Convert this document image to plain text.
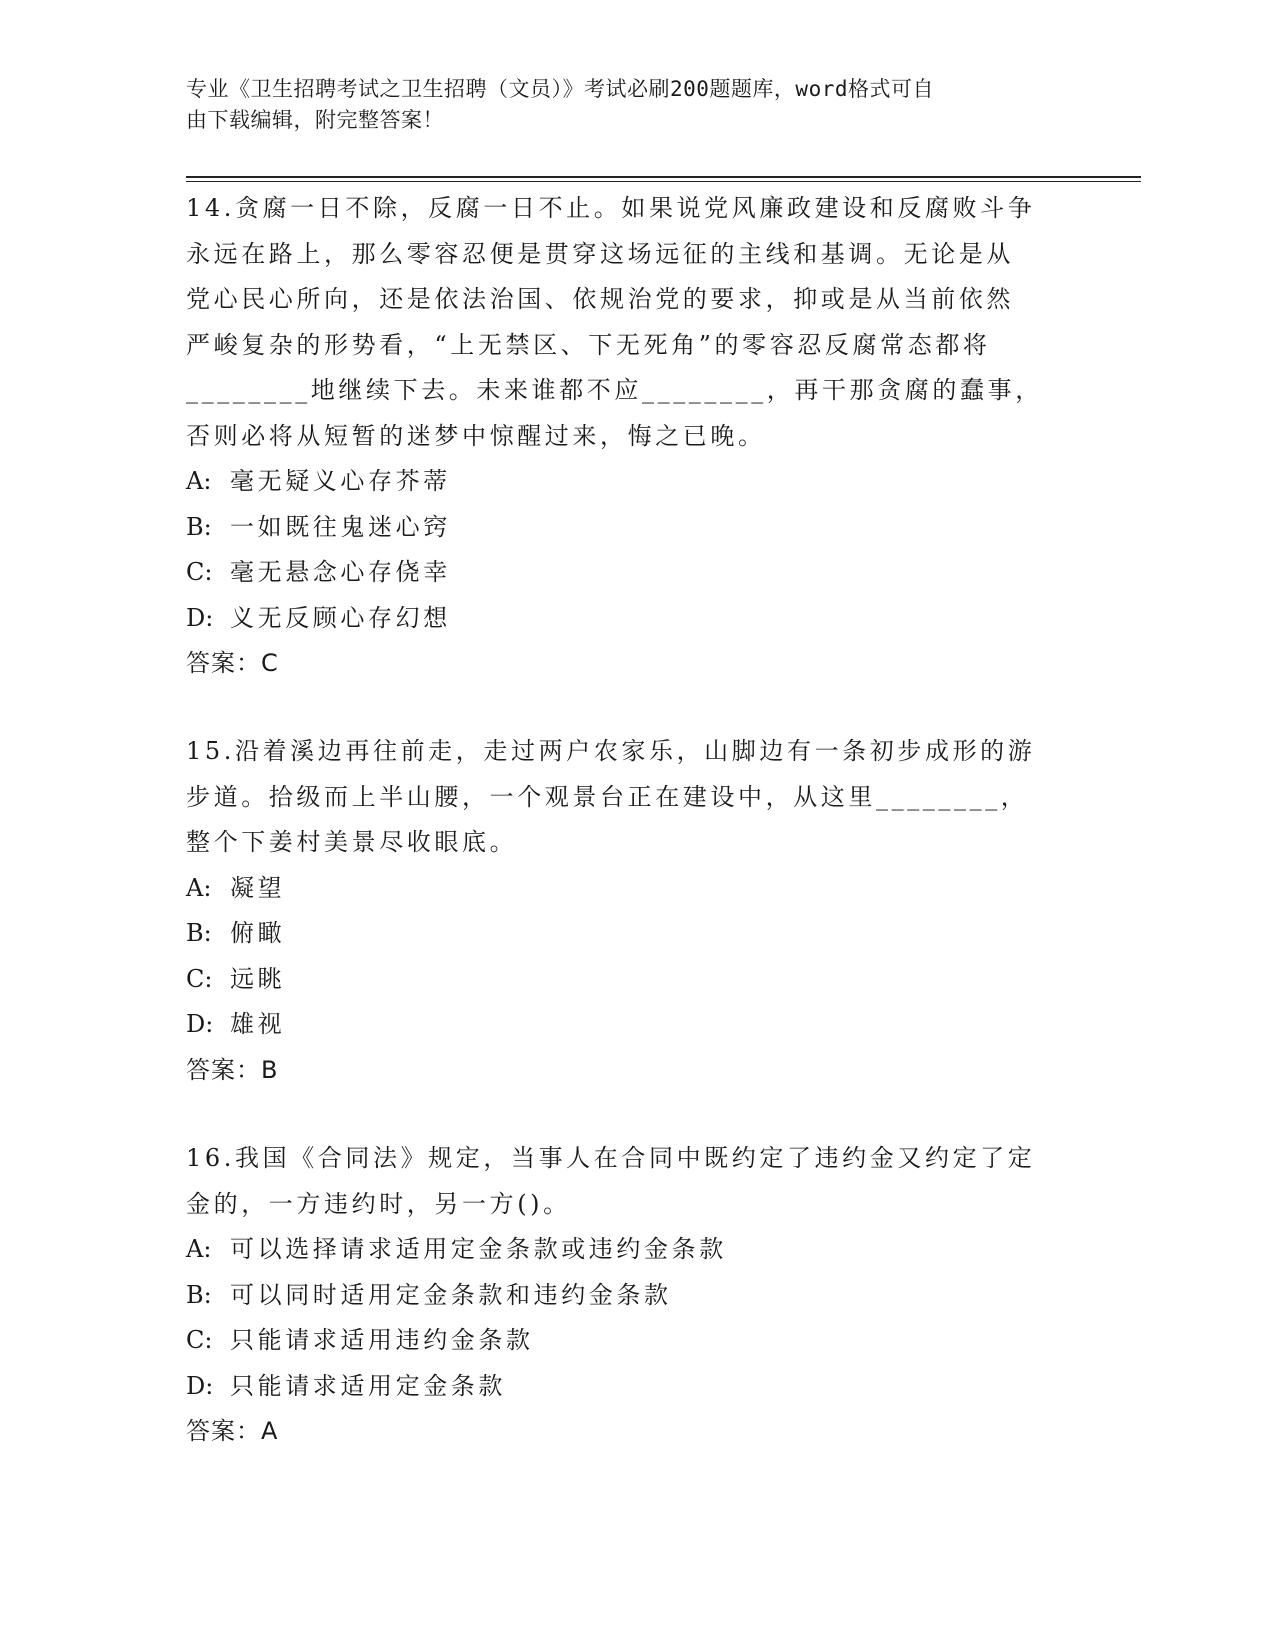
专业《卫生招聘考试之卫生招聘（文员）》考试必刷200题题库，word格式可自
由下载编辑，附完整答案！

14.贪腐一日不除，反腐一日不止。如果说党风廉政建设和反腐败斗争

永远在路上，那么零容忍便是贯穿这场远征的主线和基调。无论是从

党心民心所向，还是依法治国、依规治党的要求，抑或是从当前依然

严峻复杂的形势看，“上无禁区、下无死角”的零容忍反腐常态都将

________地继续下去。未来谁都不应________，再干那贪腐的蠢事，

否则必将从短暂的迷梦中惊醒过来，悔之已晚。

A: 毫无疑义心存芥蒂

B: 一如既往鬼迷心窍

C: 毫无悬念心存侥幸

D: 义无反顾心存幻想

答案：C

15.沿着溪边再往前走，走过两户农家乐，山脚边有一条初步成形的游

步道。拾级而上半山腰，一个观景台正在建设中，从这里________，

整个下姜村美景尽收眼底。

A: 凝望

B: 俯瞰

C: 远眺

D: 雄视

答案：B

16.我国《合同法》规定，当事人在合同中既约定了违约金又约定了定

金的，一方违约时，另一方()。

A: 可以选择请求适用定金条款或违约金条款

B: 可以同时适用定金条款和违约金条款

C: 只能请求适用违约金条款

D: 只能请求适用定金条款

答案：A
